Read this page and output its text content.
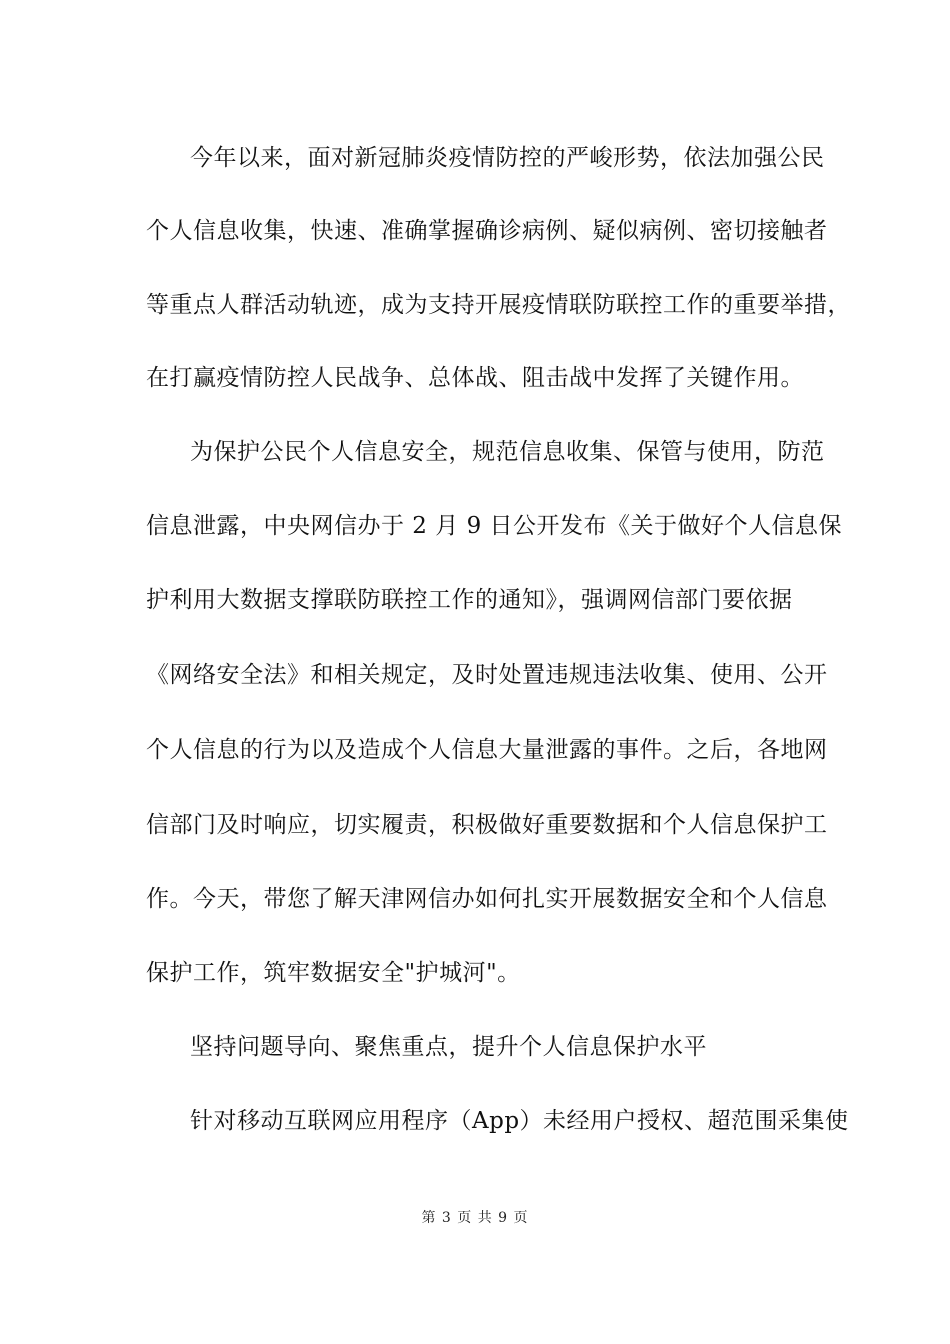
今年以来，面对新冠肺炎疫情防控的严峻形势，依法加强公民
个人信息收集，快速、准确掌握确诊病例、疑似病例、密切接触者
等重点人群活动轨迹，成为支持开展疫情联防联控工作的重要举措，
在打赢疫情防控人民战争、总体战、阻击战中发挥了关键作用。
为保护公民个人信息安全，规范信息收集、保管与使用，防范
信息泄露，中央网信办于 2 月 9 日公开发布《关于做好个人信息保
护利用大数据支撑联防联控工作的通知》，强调网信部门要依据
《网络安全法》和相关规定，及时处置违规违法收集、使用、公开
个人信息的行为以及造成个人信息大量泄露的事件。之后，各地网
信部门及时响应，切实履责，积极做好重要数据和个人信息保护工
作。今天，带您了解天津网信办如何扎实开展数据安全和个人信息
保护工作，筑牢数据安全"护城河"。
坚持问题导向、聚焦重点，提升个人信息保护水平
针对移动互联网应用程序（App）未经用户授权、超范围采集使
第 3 页 共 9 页
